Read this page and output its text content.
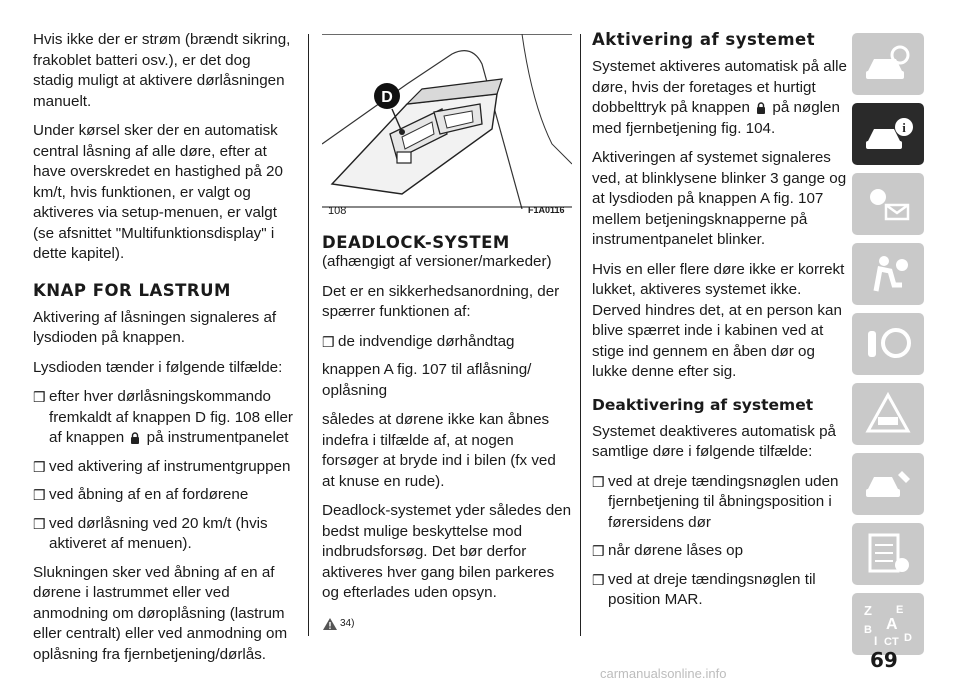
Hvis ikke der er strøm (brændt sikring, frakoblet batteri osv.), er det dog stadig muligt at aktivere dørlåsningen manuelt.

Under kørsel sker der en automatisk central låsning af alle døre, efter at have overskredet en hastighed på 20 km/t, hvis funktionen, er valgt og aktiveres via setup-menuen, er valgt (se afsnittet "Multifunktionsdisplay" i dette kapitel).

KNAP FOR LASTRUM

Aktivering af låsningen signaleres af lysdioden på knappen.

Lysdioden tænder i følgende tilfælde:

❒ efter hver dørlåsningskommando fremkaldt af knappen D fig. 108 eller af knappen på instrumentpanelet
❒ ved aktivering af instrumentgruppen
❒ ved åbning af en af fordørene
❒ ved dørlåsning ved 20 km/t (hvis aktiveret af menuen).

Slukningen sker ved åbning af en af dørene i lastrummet eller ved anmodning om døroplåsning (lastrum eller centralt) eller ved anmodning om oplåsning fra fjernbetjening/dørlås.

D
108	F1A0116
DEADLOCK-SYSTEM

(afhængigt af versioner/markeder)

Det er en sikkerhedsanordning, der spærrer funktionen af:

❒ de indvendige dørhåndtag

knappen A fig. 107 til aflåsning/ oplåsning

således at dørene ikke kan åbnes indefra i tilfælde af, at nogen forsøger at bryde ind i bilen (fx ved at knuse en rude).

Deadlock-systemet yder således den bedst mulige beskyttelse mod indbrudsforsøg. Det bør derfor aktiveres hver gang bilen parkeres og efterlades uden opsyn.

34)
Aktivering af systemet

Systemet aktiveres automatisk på alle døre, hvis der foretages et hurtigt dobbelttryk på knappen på nøglen med fjernbetjening fig. 104.

Aktiveringen af systemet signaleres ved, at blinklysene blinker 3 gange og at lysdioden på knappen A fig. 107 mellem betjeningsknapperne på instrumentpanelet blinker.

Hvis en eller flere døre ikke er korrekt lukket, aktiveres systemet ikke. Derved hindres det, at en person kan blive spærret inde i kabinen ved at stige ind gennem en åben dør og lukke denne efter sig.

Deaktivering af systemet

Systemet deaktiveres automatisk på samtlige døre i følgende tilfælde:

❒ ved at dreje tændingsnøglen uden fjernbetjening til åbningsposition i førersidens dør
❒ når dørene låses op
❒ ved at dreje tændingsnøglen til position MAR.
i
Z E
A
B
I C T D
69
carmanualsonline.info
